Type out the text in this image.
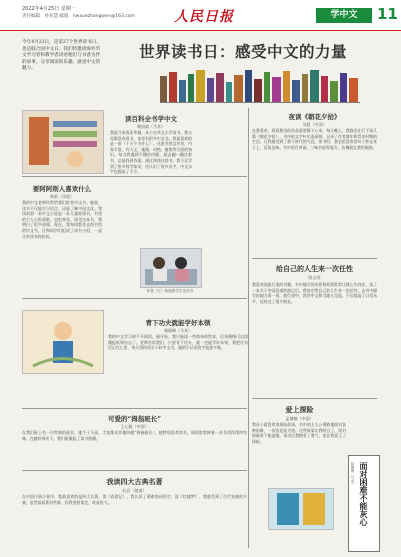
2022年4月25日 星期一
责任编辑：孙亚慧 邮箱：hwxuezhongwen@163.com	人民日报	学中文	11
今年4月23日，是第27个世界读书日，也是联合国中文日。我们特邀请海外华文学习者和教学者讲述他们与书香为伴的故事，分享阅读的乐趣，感受中文的魅力。
世界读书日：感受中文的力量
读百科全书学中文
谢国斌（马来）
我是马来西亚华裔，从小在华文小学读书。我父母都喜欢看书，家里有很多中文书。我最喜欢的是一套《十万个为什么》。这套书图文并茂，内容丰富，有天文、地理、动物、植物等方面的知识。每当我遇到不懂的问题，就去翻一翻这套书，总能找到答案。通过阅读这套书，我不仅学到了很多科学知识，还认识了很多汉字，中文水平也提高了不少。
夜读《朝花夕拾》
刘晨（中国）
在我看来，阅读鲁迅的作品需要静下心来。每天晚上，我都会在灯下读几篇《朝花夕拾》。书中的文字朴实而深刻，记录了作者童年和青年时期的生活，让我感受到了那个时代的气息。读书时，我会把喜欢的句子抄在本子上，反复品味。书中的百草园、三味书屋等地方，仿佛就在我的眼前。
要阿阿则人喜欢什么
黄莉（印度）
我的中文老师经常给我们推荐中文书。她说，读书不仅能学习语言，还能了解中国文化。我读的第一本中文小说是一本儿童故事书，书里的主人公很勇敢，也很善良。读完这本书，我明白了很多道理。现在，我每周都会去图书馆借中文书，还和同学们组成了读书小组，一起分享读书的收获。
作者（左）和她的学生在读书
给自己的人生来一次任性
陈文涛
我喜欢读旅行类的书籍，书中描写的风景和故事常常让我心生向往。读了一本关于中国西部的游记后，我决定给自己的人生来一次任性，去书中描写的地方看一看。旅行途中，我用中文和当地人交流，不仅提高了口语水平，还结交了很多朋友。
青下功夫就能学好本领
谢晓琳（马来）
我的中文学习离不开阅读。刚开始，我只能读一些简单的绘本，后来慢慢可以读懂报纸和杂志了。老师告诉我们，只要肯下功夫，就一定能学好本领。我把这句话记在心里，每天坚持读半小时中文书，遇到不认识的字就查字典。
可爱的“拇指班长”
王心颖（中国）
在我们班上有一位特别的班长，她个子不高，大家都亲切地叫她“拇指班长”。她特别喜欢读书，课间常常捧着一本书读得津津有味。在她的带动下，我们班掀起了读书热潮。
爱上探险
孟楠楠（中国）
我从小就喜欢读探险故事，书中的主人公勇敢地面对各种困难，一次次化险为夷。这些故事让我明白了，面对困难时不能退缩。读书让我拥有了勇气，也让我爱上了探险。
面对困难不能灰心
陈姗姗（马来）
我读四大古典名著
阮氏（越南）
在中国古典小说中，我最喜欢的是四大名著。读《西游记》，我认识了勇敢的孙悟空；读《红楼梦》，我感受到了古代家族的兴衰。虽然读原著有些难，但我坚持读完，收获很大。
